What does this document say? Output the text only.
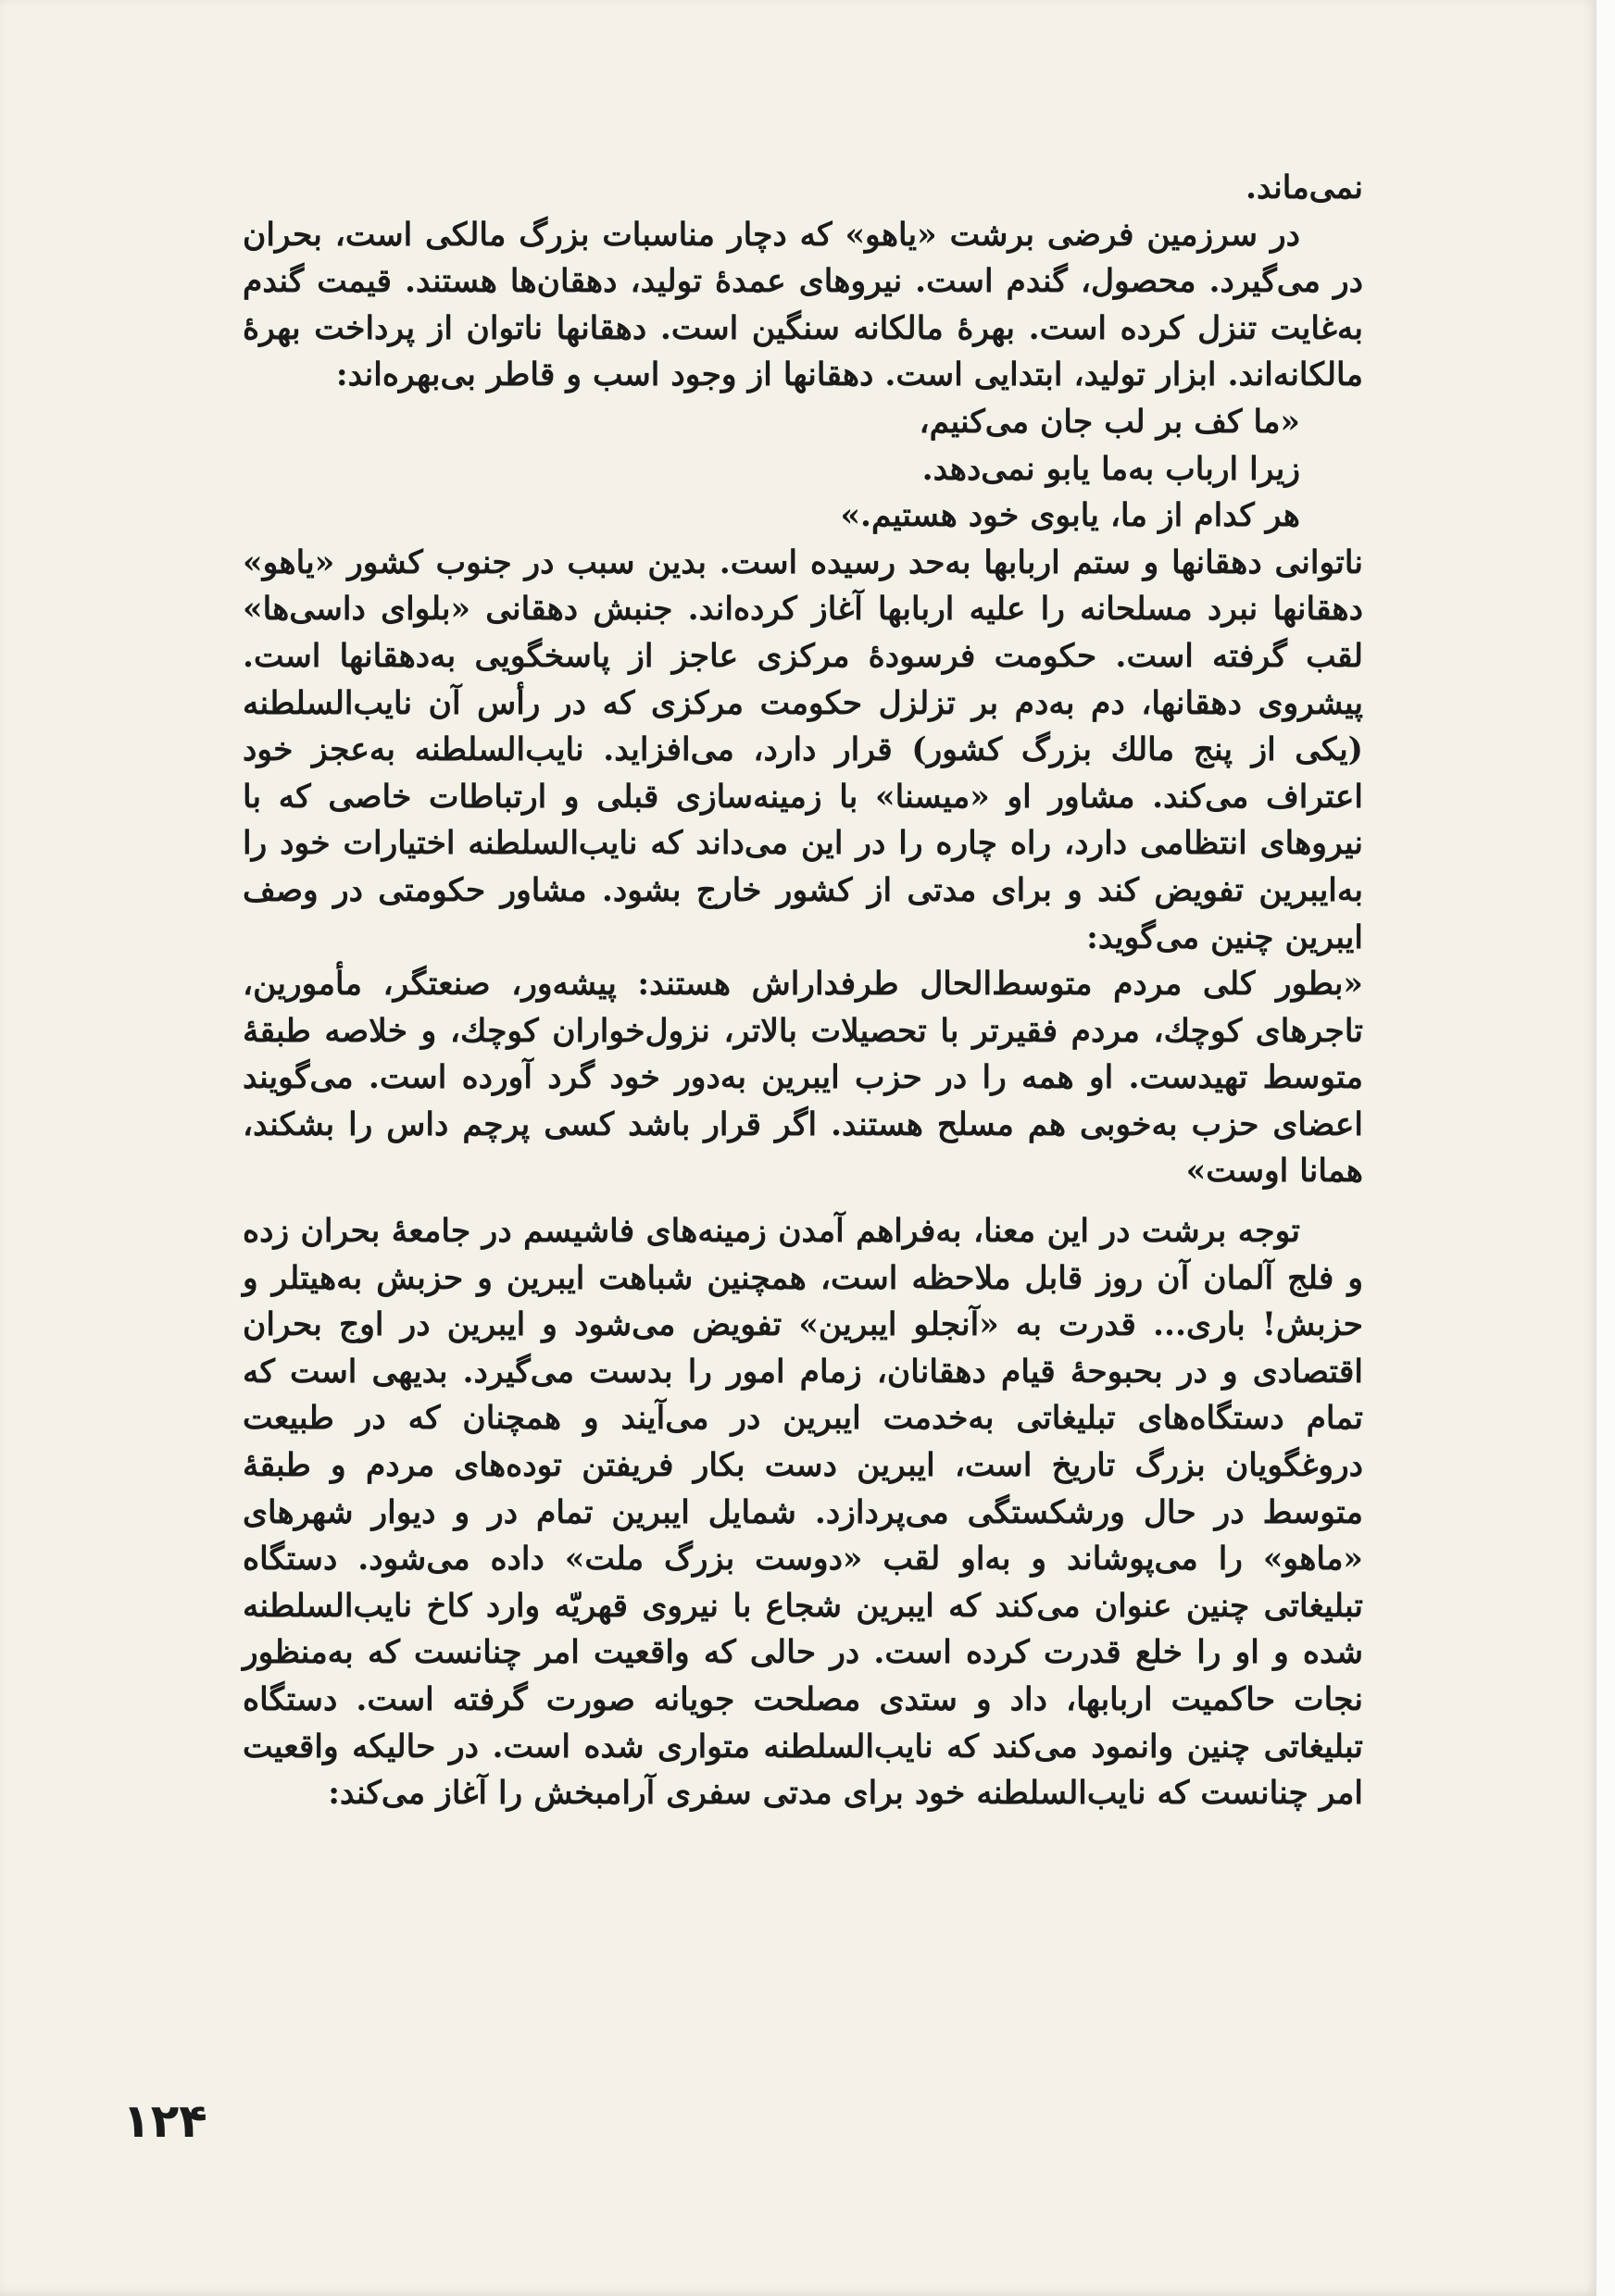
نمی‌ماند.

در سرزمین فرضی برشت «یاهو» که دچار مناسبات بزرگ مالکی است، بحران در می‌گیرد. محصول، گندم است. نیروهای عمدهٔ تولید، دهقان‌ها هستند. قیمت گندم به‌غایت تنزل کرده است. بهرهٔ مالکانه سنگین است. دهقانها ناتوان از پرداخت بهرهٔ مالکانه‌اند. ابزار تولید، ابتدایی است. دهقانها از وجود اسب و قاطر بی‌بهره‌اند:

«ما کف بر لب جان می‌کنیم،

زیرا ارباب به‌ما یابو نمی‌دهد.

هر کدام از ما، یابوی خود هستیم.»

ناتوانی دهقانها و ستم اربابها به‌حد رسیده است. بدین سبب در جنوب کشور «یاهو» دهقانها نبرد مسلحانه را علیه اربابها آغاز کرده‌اند. جنبش دهقانی «بلوای داسی‌ها» لقب گرفته است. حکومت فرسودهٔ مرکزی عاجز از پاسخگویی به‌دهقانها است. پیشروی دهقانها، دم به‌دم بر تزلزل حکومت مرکزی که در رأس آن نایب‌السلطنه (یکی از پنج مالك بزرگ کشور) قرار دارد، می‌افزاید. نایب‌السلطنه به‌عجز خود اعتراف می‌کند. مشاور او «میسنا» با زمینه‌سازی قبلی و ارتباطات خاصی که با نیروهای انتظامی دارد، راه چاره را در این می‌داند که نایب‌السلطنه اختیارات خود را به‌ایبرین تفویض کند و برای مدتی از کشور خارج بشود. مشاور حکومتی در وصف ایبرین چنین می‌گوید:

«بطور کلی مردم متوسط‌الحال طرفداراش هستند: پیشه‌ور، صنعتگر، مأمورین، تاجرهای کوچك، مردم فقیرتر با تحصیلات بالاتر، نزول‌خواران کوچك، و خلاصه طبقهٔ متوسط تهیدست. او همه را در حزب ایبرین به‌دور خود گرد آورده است. می‌گویند اعضای حزب به‌خوبی هم مسلح هستند. اگر قرار باشد کسی پرچم داس را بشکند، همانا اوست»

توجه برشت در این معنا، به‌فراهم آمدن زمینه‌های فاشیسم در جامعهٔ بحران زده و فلج آلمان آن روز قابل ملاحظه است، همچنین شباهت ایبرین و حزبش به‌هیتلر و حزبش! باری... قدرت به «آنجلو ایبرین» تفویض می‌شود و ایبرین در اوج بحران اقتصادی و در بحبوحهٔ قیام دهقانان، زمام امور را بدست می‌گیرد. بدیهی است که تمام دستگاه‌های تبلیغاتی به‌خدمت ایبرین در می‌آیند و همچنان که در طبیعت دروغگویان بزرگ تاریخ است، ایبرین دست بکار فریفتن توده‌های مردم و طبقهٔ متوسط در حال ورشکستگی می‌پردازد. شمایل ایبرین تمام در و دیوار شهرهای «ماهو» را می‌پوشاند و به‌او لقب «دوست بزرگ ملت» داده می‌شود. دستگاه تبلیغاتی چنین عنوان می‌کند که ایبرین شجاع با نیروی قهریّه وارد کاخ نایب‌السلطنه شده و او را خلع قدرت کرده است. در حالی که واقعیت امر چنانست که به‌منظور نجات حاکمیت اربابها، داد و ستدی مصلحت جویانه صورت گرفته است. دستگاه تبلیغاتی چنین وانمود می‌کند که نایب‌السلطنه متواری شده است. در حالیکه واقعیت امر چنانست که نایب‌السلطنه خود برای مدتی سفری آرامبخش را آغاز می‌کند:

۱۲۴
